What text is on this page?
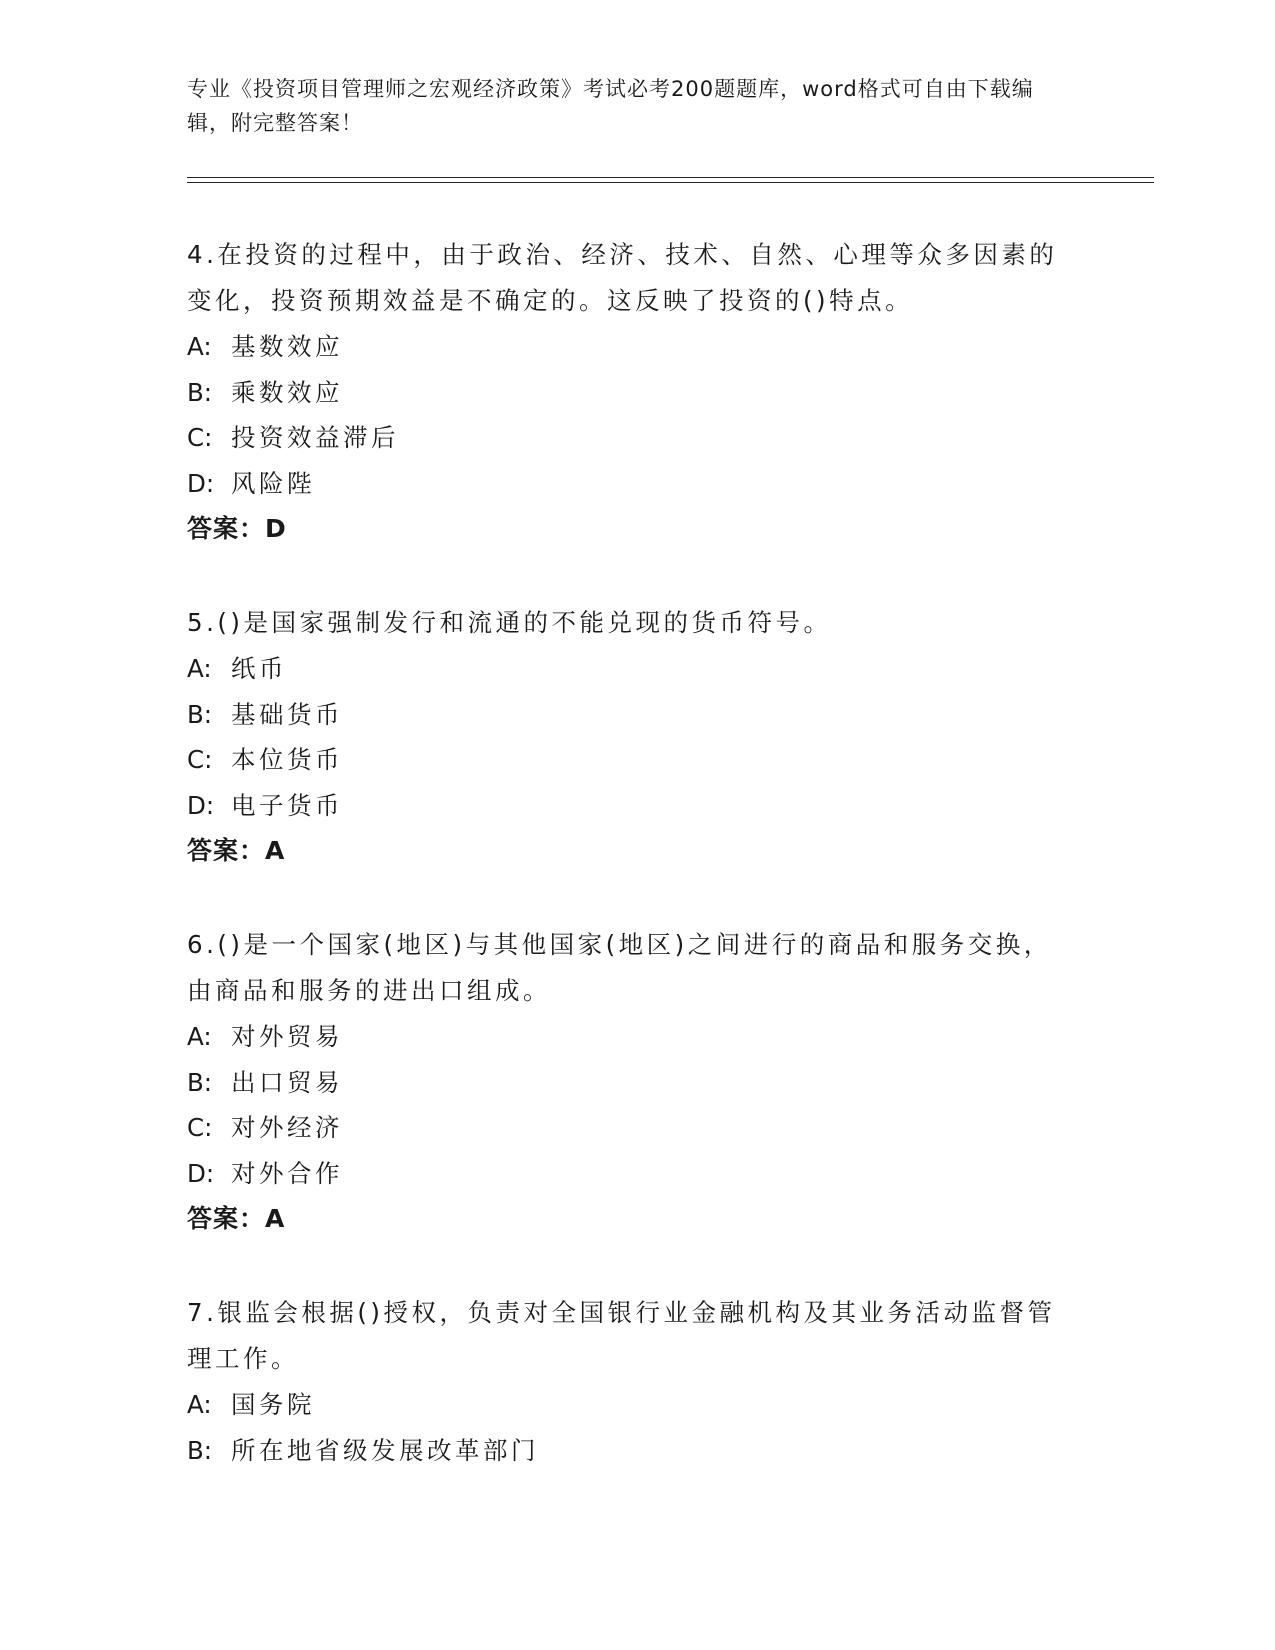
专业《投资项目管理师之宏观经济政策》考试必考200题题库，word格式可自由下载编辑，附完整答案！
4.在投资的过程中，由于政治、经济、技术、自然、心理等众多因素的变化，投资预期效益是不确定的。这反映了投资的()特点。
A: 基数效应
B: 乘数效应
C: 投资效益滞后
D: 风险陛
答案：D
5.()是国家强制发行和流通的不能兑现的货币符号。
A: 纸币
B: 基础货币
C: 本位货币
D: 电子货币
答案：A
6.()是一个国家(地区)与其他国家(地区)之间进行的商品和服务交换，由商品和服务的进出口组成。
A: 对外贸易
B: 出口贸易
C: 对外经济
D: 对外合作
答案：A
7.银监会根据()授权，负责对全国银行业金融机构及其业务活动监督管理工作。
A: 国务院
B: 所在地省级发展改革部门
